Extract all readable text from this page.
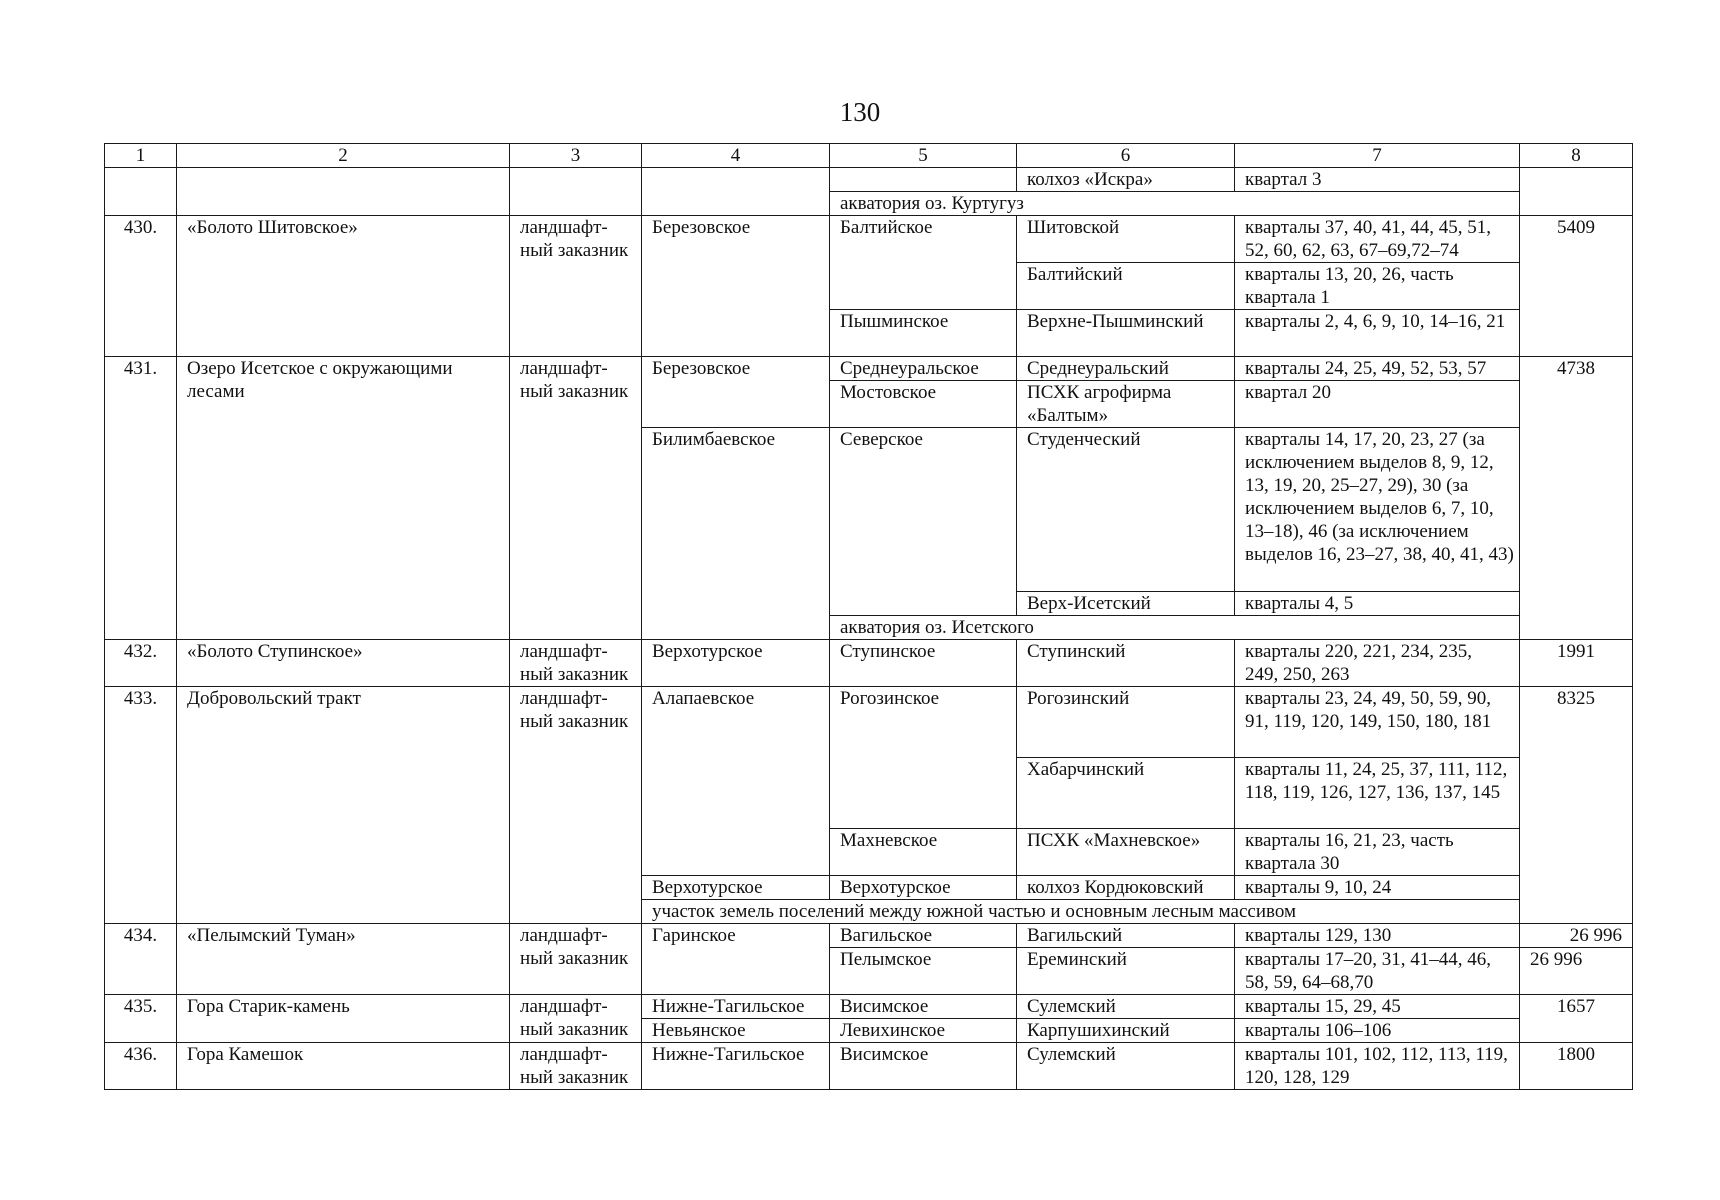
130
1	2	3	4	5	6	7	8
					колхоз «Искра»	квартал 3	
				акватория оз. Куртугуз			
430.	«Болото Шитовское»	ландшафт-ный заказник	Березовское	Балтийское	Шитовской	кварталы 37, 40, 41, 44, 45, 51, 52, 60, 62, 63, 67–69,72–74	5409
					Балтийский	кварталы 13, 20, 26, часть квартала 1	
				Пышминское	Верхне-Пышминский	кварталы 2, 4, 6, 9, 10, 14–16, 21	
431.	Озеро Исетское с окружающими лесами	ландшафт-ный заказник	Березовское	Среднеуральское	Среднеуральский	кварталы 24, 25, 49, 52, 53, 57	4738
				Мостовское	ПСХК агрофирма «Балтым»	квартал 20	
			Билимбаевское	Северское	Студенческий	кварталы 14, 17, 20, 23, 27 (за исключением выделов 8, 9, 12, 13, 19, 20, 25–27, 29), 30 (за исключением выделов 6, 7, 10, 13–18), 46 (за исключением выделов 16, 23–27, 38, 40, 41, 43)	
					Верх-Исетский	кварталы 4, 5	
				акватория оз. Исетского			
432.	«Болото Ступинское»	ландшафт-ный заказник	Верхотурское	Ступинское	Ступинский	кварталы 220, 221, 234, 235, 249, 250, 263	1991
433.	Добровольский тракт	ландшафт-ный заказник	Алапаевское	Рогозинское	Рогозинский	кварталы 23, 24, 49, 50, 59, 90, 91, 119, 120, 149, 150, 180, 181	8325
					Хабарчинский	кварталы 11, 24, 25, 37, 111, 112, 118, 119, 126, 127, 136, 137, 145	
				Махневское	ПСХК «Махневское»	кварталы 16, 21, 23, часть квартала 30	
			Верхотурское	Верхотурское	колхоз Кордюковский	кварталы 9, 10, 24	
			участок земель поселений между южной частью и основным лесным массивом				
434.	«Пелымский Туман»	ландшафт-ный заказник	Гаринское	Вагильское	Вагильский	кварталы 129, 130	26 996
				Пелымское	Ереминский	кварталы 17–20, 31, 41–44, 46, 58, 59, 64–68,70	26 996
435.	Гора Старик-камень	ландшафт-ный заказник	Нижне-Тагильское	Висимское	Сулемский	кварталы 15, 29, 45	1657
			Невьянское	Левихинское	Карпушихинский	кварталы 106–106	
436.	Гора Камешок	ландшафт-ный заказник	Нижне-Тагильское	Висимское	Сулемский	кварталы 101, 102, 112, 113, 119, 120, 128, 129	1800
